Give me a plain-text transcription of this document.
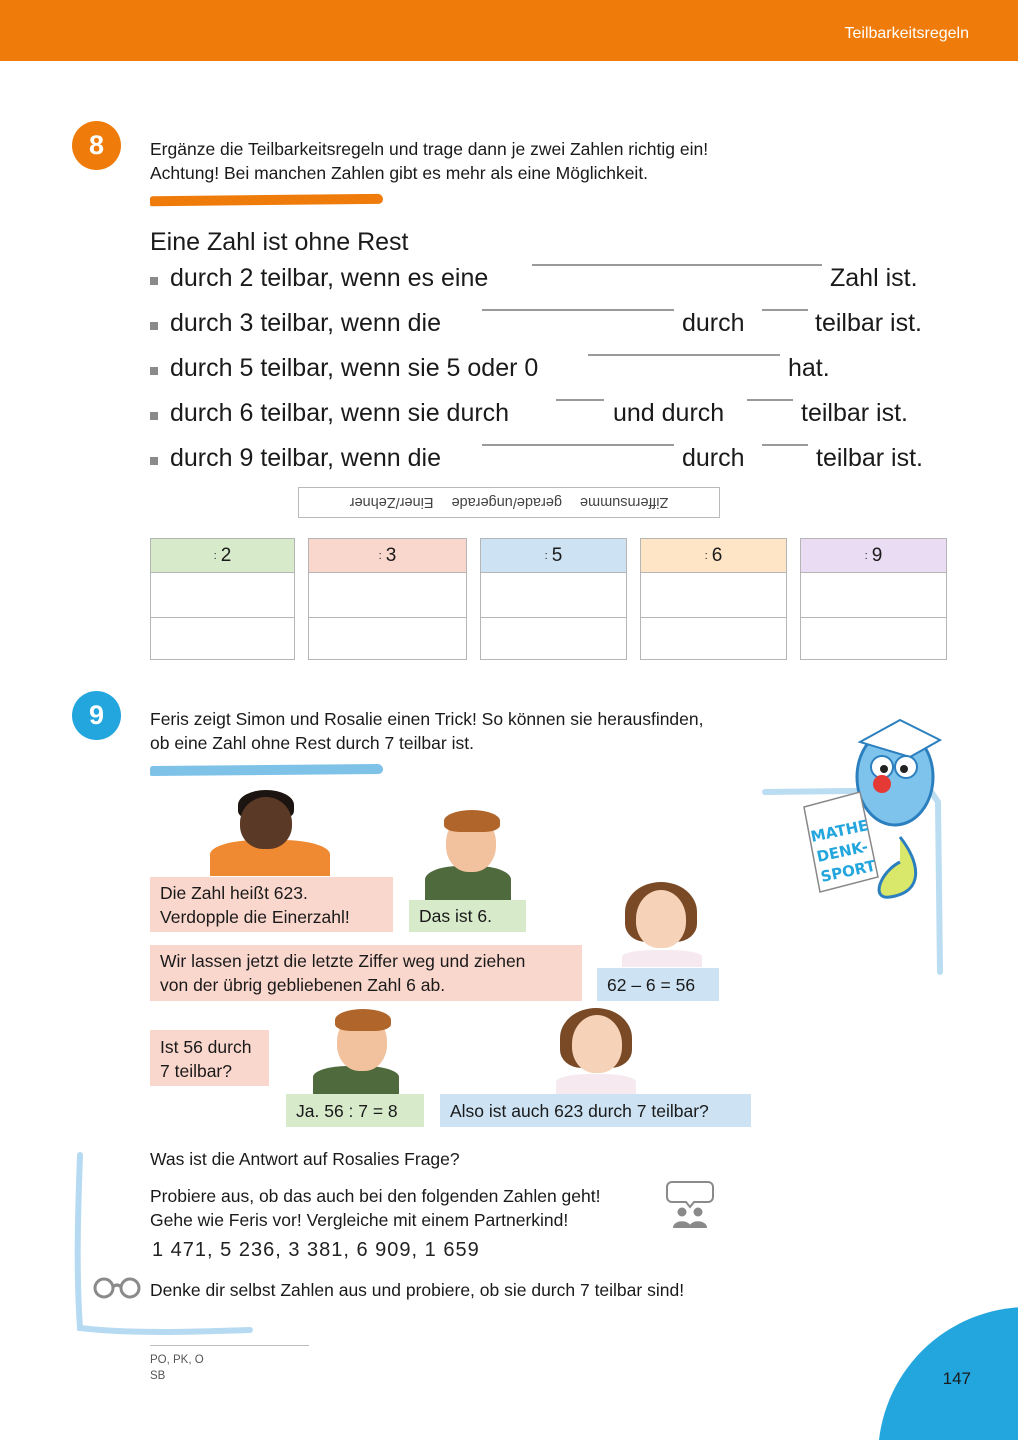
Teilbarkeitsregeln
8	Ergänze die Teilbarkeitsregeln und trage dann je zwei Zahlen richtig ein!
Achtung! Bei manchen Zahlen gibt es mehr als eine Möglichkeit.
Eine Zahl ist ohne Rest
durch 2 teilbar, wenn es eine	Zahl ist.
durch 3 teilbar, wenn die	durch	teilbar ist.
durch 5 teilbar, wenn sie 5 oder 0	hat.
durch 6 teilbar, wenn sie durch	und durch	teilbar ist.
durch 9 teilbar, wenn die	durch	teilbar ist.
Ziffernsumme
gerade/ungerade
Einer/Zehner
: 2	: 3	: 5	: 6	: 9
9	Feris zeigt Simon und Rosalie einen Trick! So können sie herausfinden,
ob eine Zahl ohne Rest durch 7 teilbar ist.
MATHE
DENK-
SPORT
Die Zahl heißt 623.
Verdopple die Einerzahl!	Das ist 6.
Wir lassen jetzt die letzte Ziffer weg und ziehen
von der übrig gebliebenen Zahl 6 ab.	62 – 6 = 56
Ist 56 durch
7 teilbar?
Ja. 56 : 7 = 8	Also ist auch 623 durch 7 teilbar?
Was ist die Antwort auf Rosalies Frage?
Probiere aus, ob das auch bei den folgenden Zahlen geht!
Gehe wie Feris vor! Vergleiche mit einem Partnerkind!
1 471, 5 236, 3 381, 6 909, 1 659
Denke dir selbst Zahlen aus und probiere, ob sie durch 7 teilbar sind!
PO, PK, O
SB	147
